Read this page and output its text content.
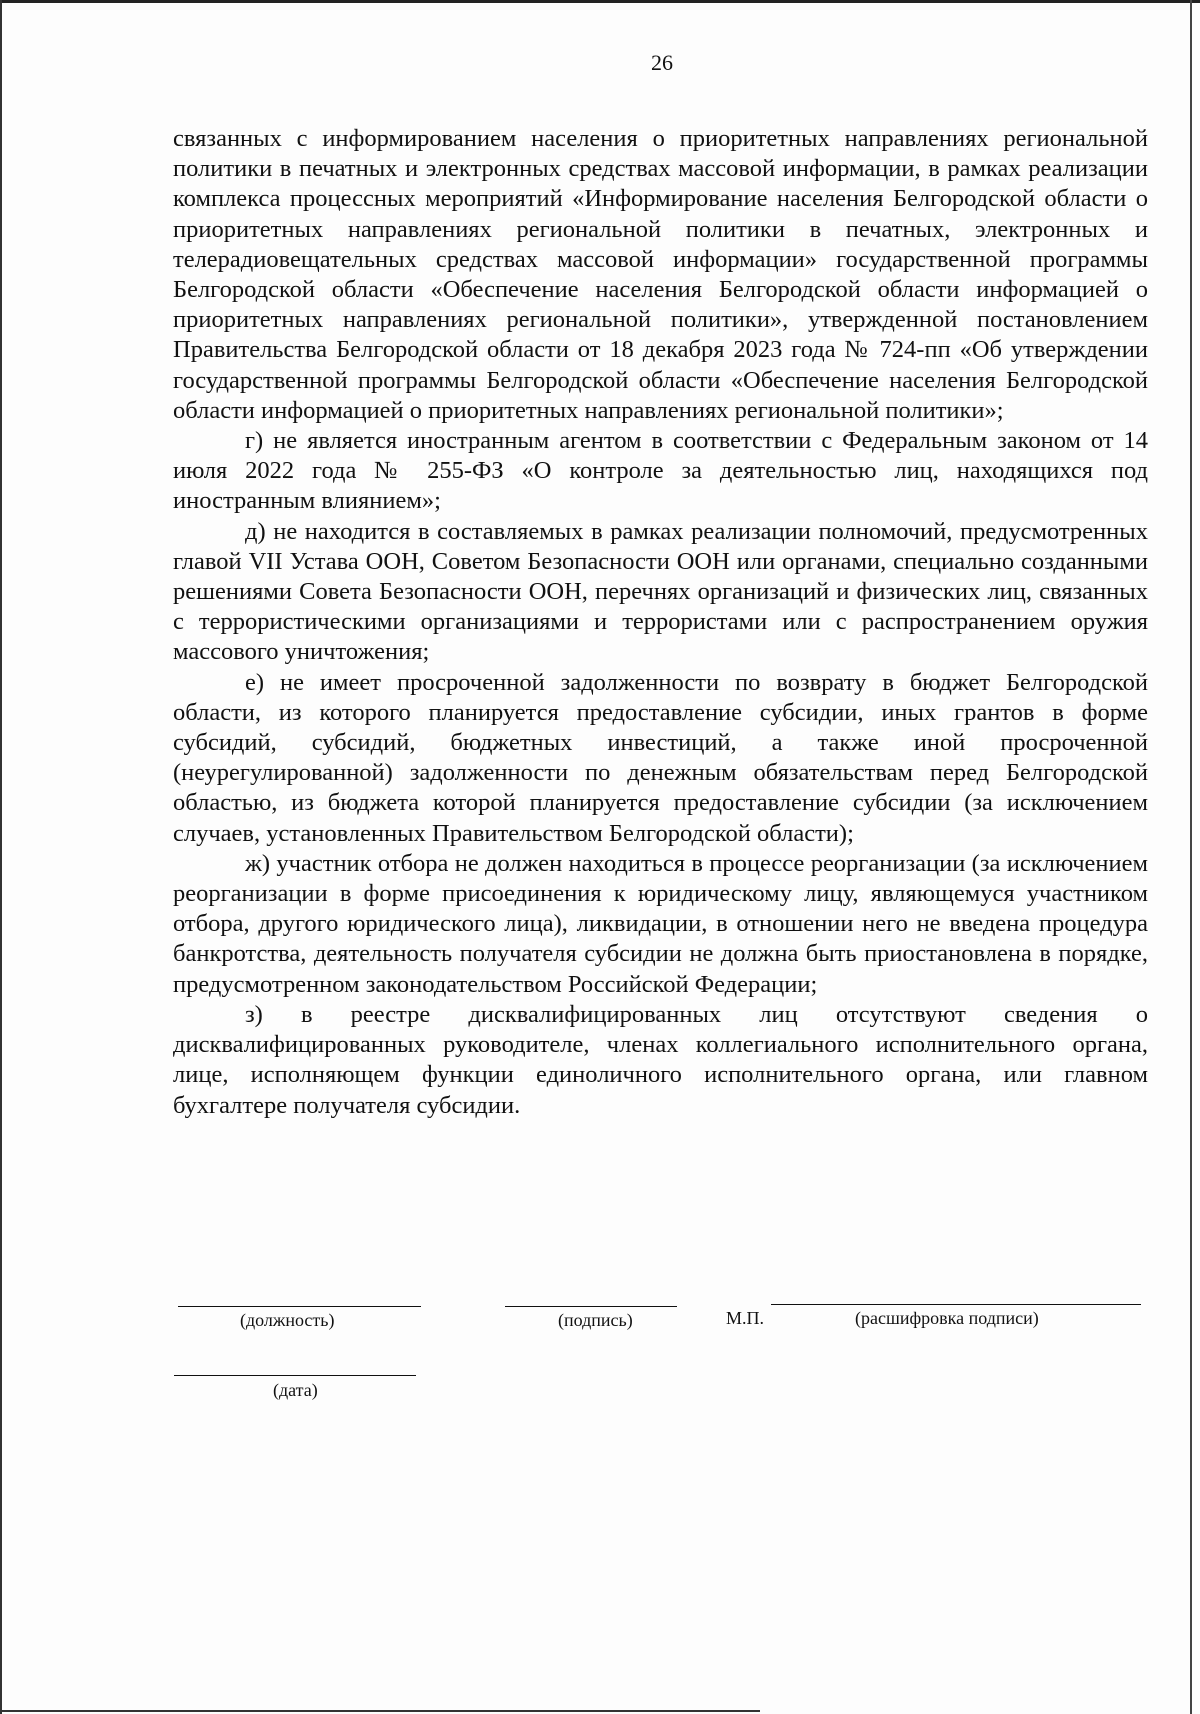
26

связанных с информированием населения о приоритетных направлениях региональной политики в печатных и электронных средствах массовой информации, в рамках реализации комплекса процессных мероприятий «Информирование населения Белгородской области о приоритетных направлениях региональной политики в печатных, электронных и телерадиовещательных средствах массовой информации» государственной программы Белгородской области «Обеспечение населения Белгородской области информацией о приоритетных направлениях региональной политики», утвержденной постановлением Правительства Белгородской области от 18 декабря 2023 года № 724-пп «Об утверждении государственной программы Белгородской области «Обеспечение населения Белгородской области информацией о приоритетных направлениях региональной политики»;

г) не является иностранным агентом в соответствии с Федеральным законом от 14 июля 2022 года № 255-ФЗ «О контроле за деятельностью лиц, находящихся под иностранным влиянием»;

д) не находится в составляемых в рамках реализации полномочий, предусмотренных главой VII Устава ООН, Советом Безопасности ООН или органами, специально созданными решениями Совета Безопасности ООН, перечнях организаций и физических лиц, связанных с террористическими организациями и террористами или с распространением оружия массового уничтожения;

е) не имеет просроченной задолженности по возврату в бюджет Белгородской области, из которого планируется предоставление субсидии, иных грантов в форме субсидий, субсидий, бюджетных инвестиций, а также иной просроченной (неурегулированной) задолженности по денежным обязательствам перед Белгородской областью, из бюджета которой планируется предоставление субсидии (за исключением случаев, установленных Правительством Белгородской области);

ж) участник отбора не должен находиться в процессе реорганизации (за исключением реорганизации в форме присоединения к юридическому лицу, являющемуся участником отбора, другого юридического лица), ликвидации, в отношении него не введена процедура банкротства, деятельность получателя субсидии не должна быть приостановлена в порядке, предусмотренном законодательством Российской Федерации;

з) в реестре дисквалифицированных лиц отсутствуют сведения о дисквалифицированных руководителе, членах коллегиального исполнительного органа, лице, исполняющем функции единоличного исполнительного органа, или главном бухгалтере получателя субсидии.

(должность)	(подпись)	М.П.	(расшифровка подписи)
(дата)
